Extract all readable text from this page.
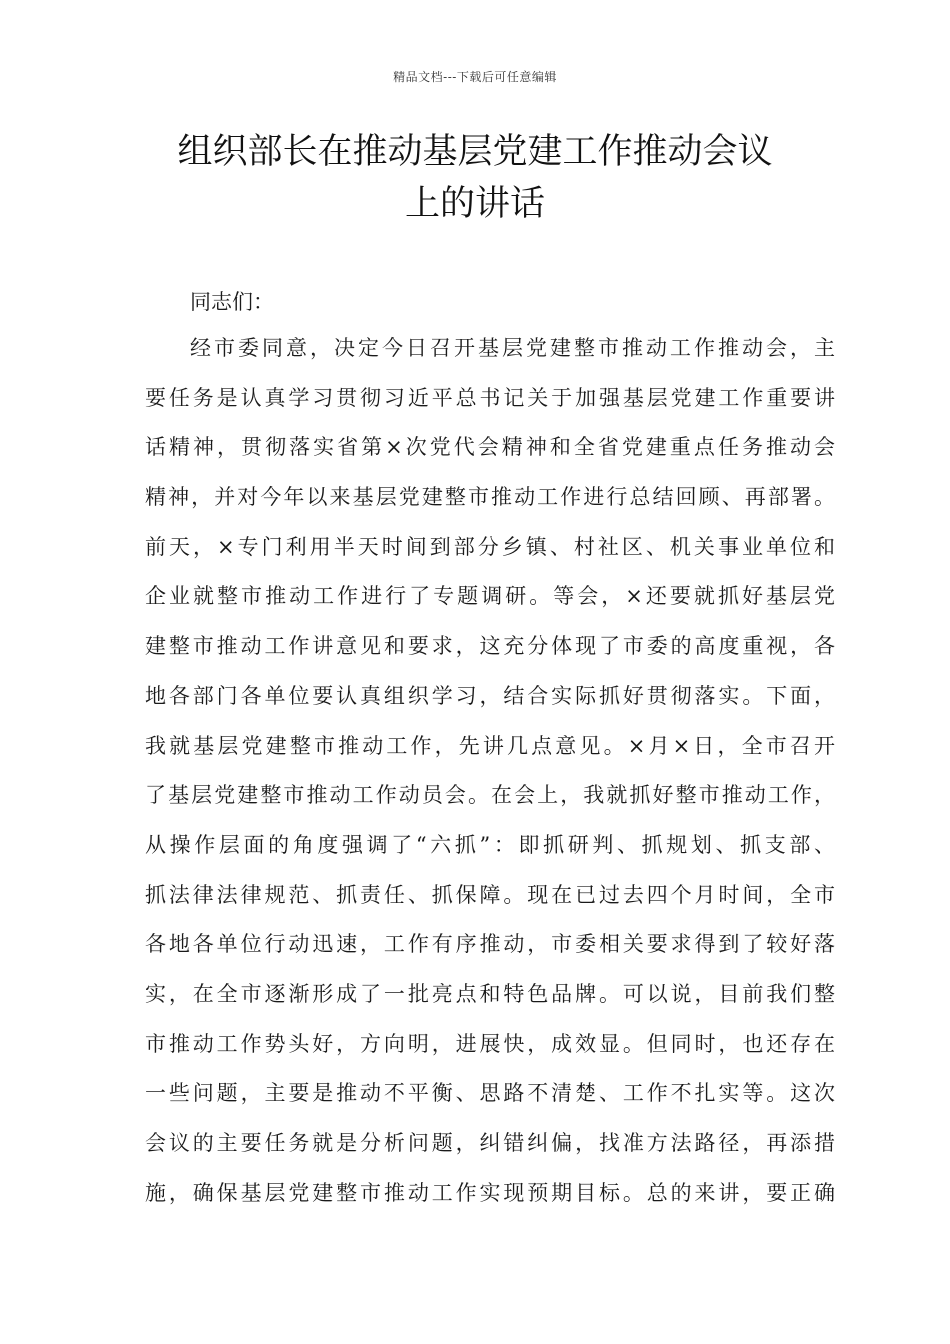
精品文档---下载后可任意编辑
组织部长在推动基层党建工作推动会议
上的讲话
同志们：
经市委同意，决定今日召开基层党建整市推动工作推动会，主
要任务是认真学习贯彻习近平总书记关于加强基层党建工作重要讲
话精神，贯彻落实省第×次党代会精神和全省党建重点任务推动会
精神，并对今年以来基层党建整市推动工作进行总结回顾、再部署。
前天，×专门利用半天时间到部分乡镇、村社区、机关事业单位和
企业就整市推动工作进行了专题调研。等会，×还要就抓好基层党
建整市推动工作讲意见和要求，这充分体现了市委的高度重视，各
地各部门各单位要认真组织学习，结合实际抓好贯彻落实。下面，
我就基层党建整市推动工作，先讲几点意见。×月×日，全市召开
了基层党建整市推动工作动员会。在会上，我就抓好整市推动工作，
从操作层面的角度强调了“六抓”：即抓研判、抓规划、抓支部、
抓法律法律规范、抓责任、抓保障。现在已过去四个月时间，全市
各地各单位行动迅速，工作有序推动，市委相关要求得到了较好落
实，在全市逐渐形成了一批亮点和特色品牌。可以说，目前我们整
市推动工作势头好，方向明，进展快，成效显。但同时，也还存在
一些问题，主要是推动不平衡、思路不清楚、工作不扎实等。这次
会议的主要任务就是分析问题，纠错纠偏，找准方法路径，再添措
施，确保基层党建整市推动工作实现预期目标。总的来讲，要正确
